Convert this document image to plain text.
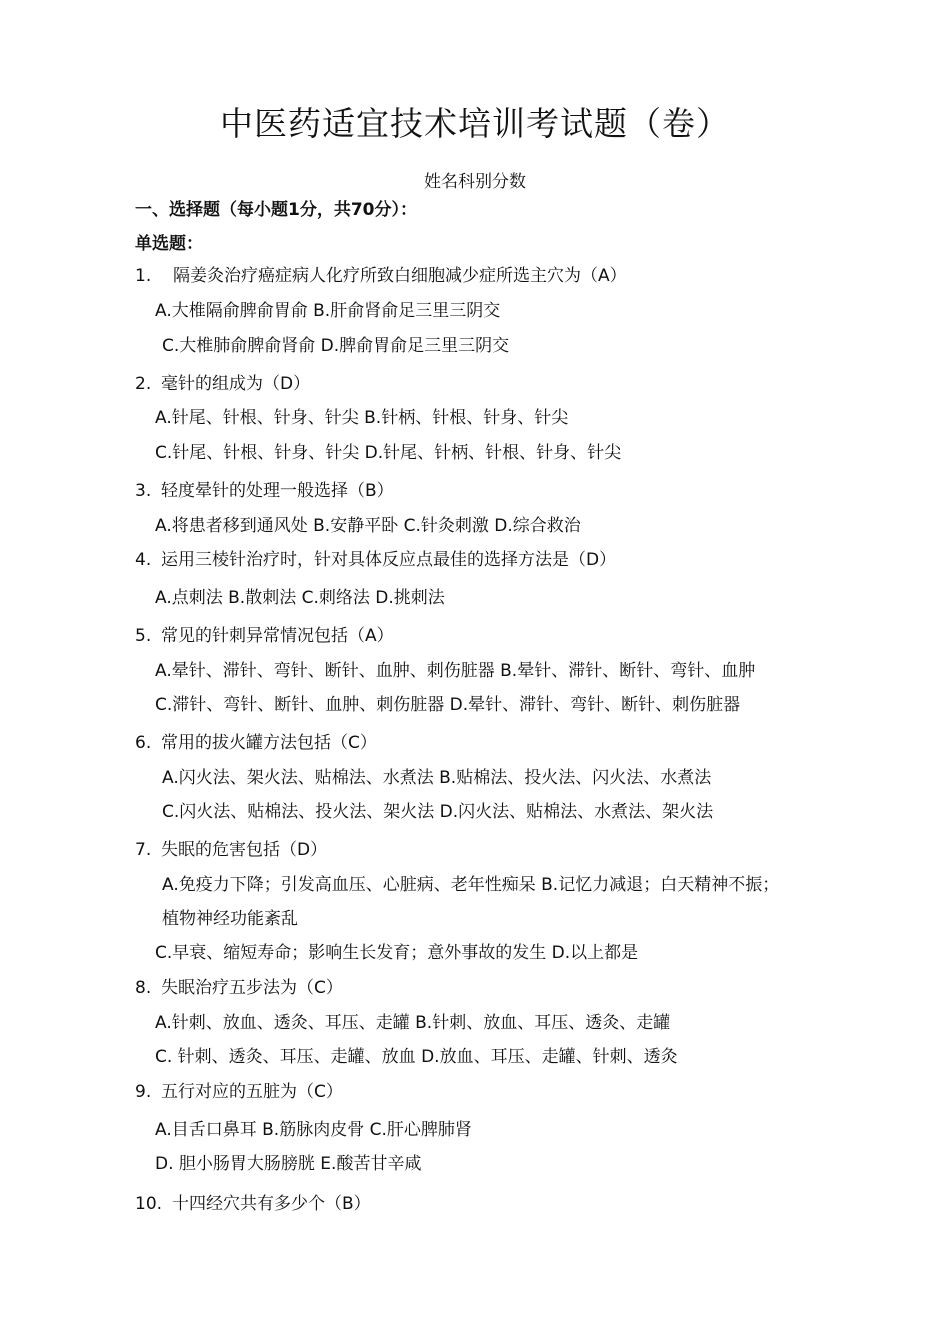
中医药适宜技术培训考试题（卷）
姓名科别分数
一、选择题（每小题1分，共70分）：
单选题：
1. 隔姜灸治疗癌症病人化疗所致白细胞减少症所选主穴为（A）
A.大椎隔俞脾俞胃俞 B.肝俞肾俞足三里三阴交
C.大椎肺俞脾俞肾俞 D.脾俞胃俞足三里三阴交
2. 毫针的组成为（D）
A.针尾、针根、针身、针尖 B.针柄、针根、针身、针尖
C.针尾、针根、针身、针尖 D.针尾、针柄、针根、针身、针尖
3. 轻度晕针的处理一般选择（B）
A.将患者移到通风处 B.安静平卧 C.针灸刺激 D.综合救治
4. 运用三棱针治疗时，针对具体反应点最佳的选择方法是（D）
A.点刺法 B.散刺法 C.刺络法 D.挑刺法
5. 常见的针刺异常情况包括（A）
A.晕针、滞针、弯针、断针、血肿、刺伤脏器 B.晕针、滞针、断针、弯针、血肿
C.滞针、弯针、断针、血肿、刺伤脏器 D.晕针、滞针、弯针、断针、刺伤脏器
6. 常用的拔火罐方法包括（C）
A.闪火法、架火法、贴棉法、水煮法 B.贴棉法、投火法、闪火法、水煮法
C.闪火法、贴棉法、投火法、架火法 D.闪火法、贴棉法、水煮法、架火法
7. 失眠的危害包括（D）
A.免疫力下降；引发高血压、心脏病、老年性痴呆 B.记忆力减退；白天精神不振；
植物神经功能紊乱
C.早衰、缩短寿命；影响生长发育；意外事故的发生 D.以上都是
8. 失眠治疗五步法为（C）
A.针刺、放血、透灸、耳压、走罐 B.针刺、放血、耳压、透灸、走罐
C. 针刺、透灸、耳压、走罐、放血 D.放血、耳压、走罐、针刺、透灸
9. 五行对应的五脏为（C）
A.目舌口鼻耳 B.筋脉肉皮骨 C.肝心脾肺肾
D. 胆小肠胃大肠膀胱 E.酸苦甘辛咸
10. 十四经穴共有多少个（B）
